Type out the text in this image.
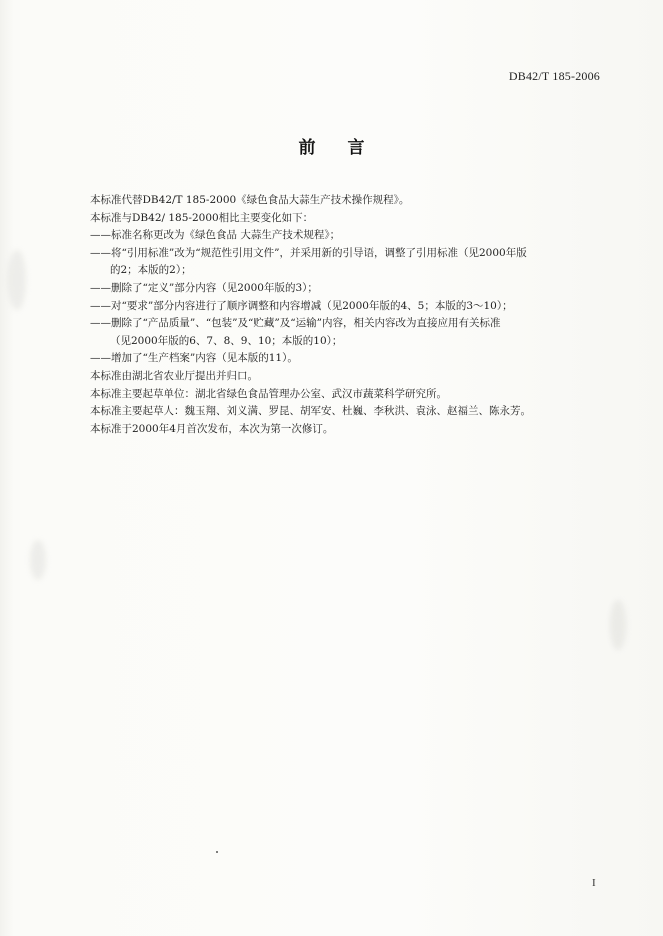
DB42/T 185-2006
前言
本标准代替DB42/T 185-2000《绿色食品大蒜生产技术操作规程》。
本标准与DB42/ 185-2000相比主要变化如下：
——标准名称更改为《绿色食品 大蒜生产技术规程》；
——将“引用标准”改为“规范性引用文件”，并采用新的引导语，调整了引用标准（见2000年版
的2；本版的2）；
——删除了“定义”部分内容（见2000年版的3）；
——对“要求”部分内容进行了顺序调整和内容增减（见2000年版的4、5；本版的3～10）；
——删除了“产品质量”、“包装”及“贮藏”及“运输”内容，相关内容改为直接应用有关标准
（见2000年版的6、7、8、9、10；本版的10）；
——增加了“生产档案”内容（见本版的11）。
本标准由湖北省农业厅提出并归口。
本标准主要起草单位：湖北省绿色食品管理办公室、武汉市蔬菜科学研究所。
本标准主要起草人：魏玉翔、刘义满、罗昆、胡军安、杜巍、李秋洪、袁泳、赵福兰、陈永芳。
本标准于2000年4月首次发布，本次为第一次修订。
I
